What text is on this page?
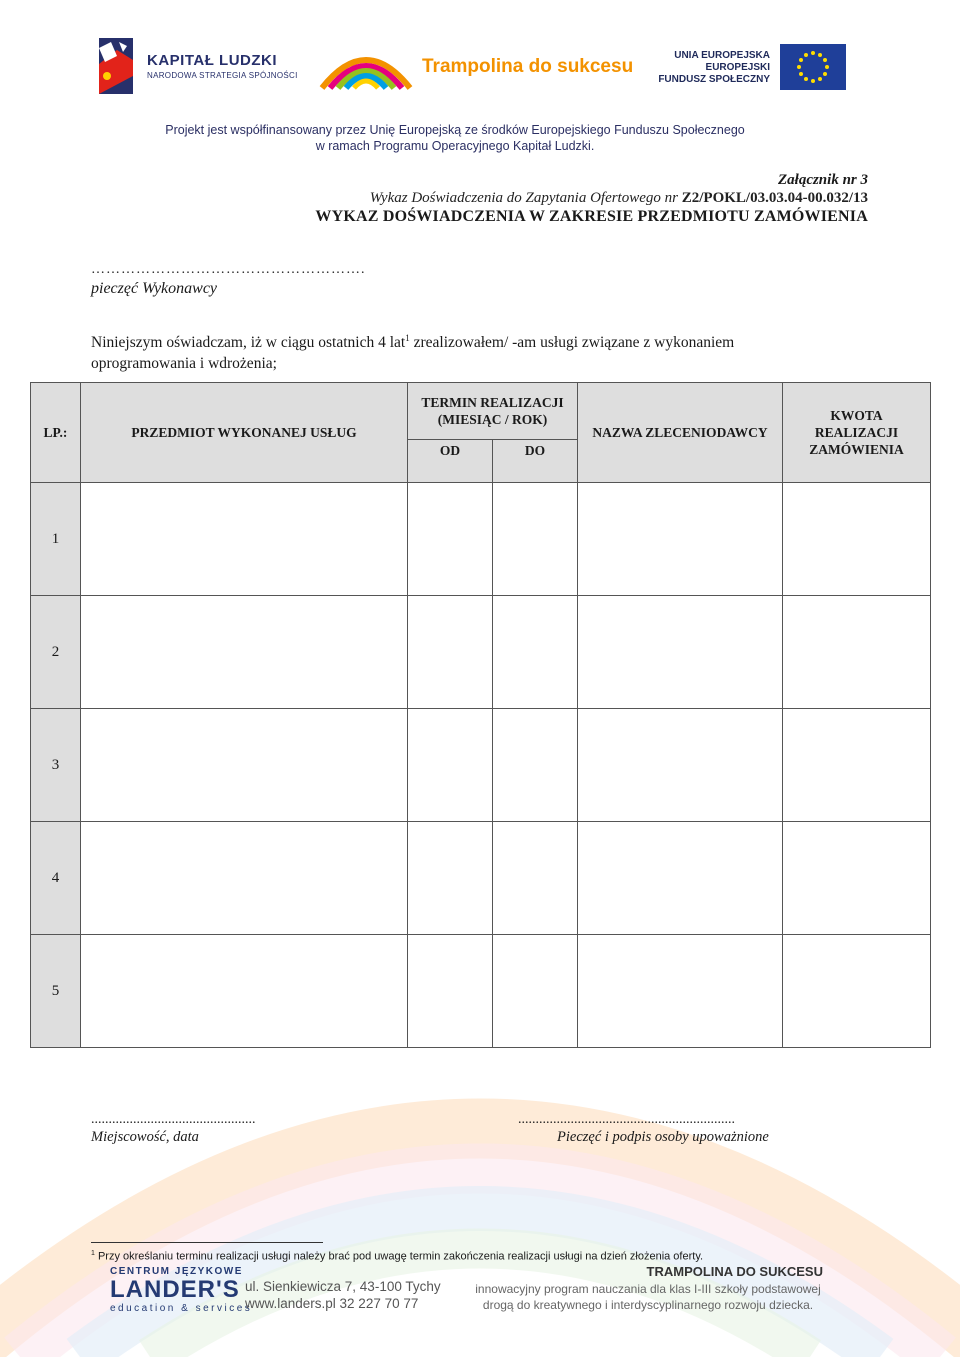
KAPITAŁ LUDZKI
NARODOWA STRATEGIA SPÓJNOŚCI	Trampolina do sukcesu
UNIA EUROPEJSKA
EUROPEJSKI
FUNDUSZ SPOŁECZNY
Projekt jest współfinansowany przez Unię Europejską ze środków Europejskiego Funduszu Społecznego
w ramach Programu Operacyjnego Kapitał Ludzki.
Załącznik nr 3
Wykaz Doświadczenia do Zapytania Ofertowego nr Z2/POKL/03.03.04-00.032/13
WYKAZ DOŚWIADCZENIA W ZAKRESIE PRZEDMIOTU ZAMÓWIENIA
……………………………………………….
pieczęć Wykonawcy
Niniejszym oświadczam, iż w ciągu ostatnich 4 lat$^1$ zrealizowałem/ -am usługi związane z wykonaniem oprogramowania i wdrożenia;
LP.:	PRZEDMIOT WYKONANEJ USŁUG	TERMIN REALIZACJI (MIESIĄC / ROK)		NAZWA ZLECENIODAWCY	KWOTA REALIZACJI ZAMÓWIENIA
		OD	DO		
1					
2					
3					
4					
5					
...............................................
Miejscowość, data
..............................................................
Pieczęć i podpis osoby upoważnione
$^1$ Przy określaniu terminu realizacji usługi należy brać pod uwagę termin zakończenia realizacji usługi na dzień złożenia oferty.
CENTRUM JĘZYKOWE
LANDER'S
education & services
ul. Sienkiewicza 7, 43-100 Tychy
www.landers.pl 32 227 70 77
TRAMPOLINA DO SUKCESU
innowacyjny program nauczania dla klas I-III szkoły podstawowej
drogą do kreatywnego i interdyscyplinarnego rozwoju dziecka.
